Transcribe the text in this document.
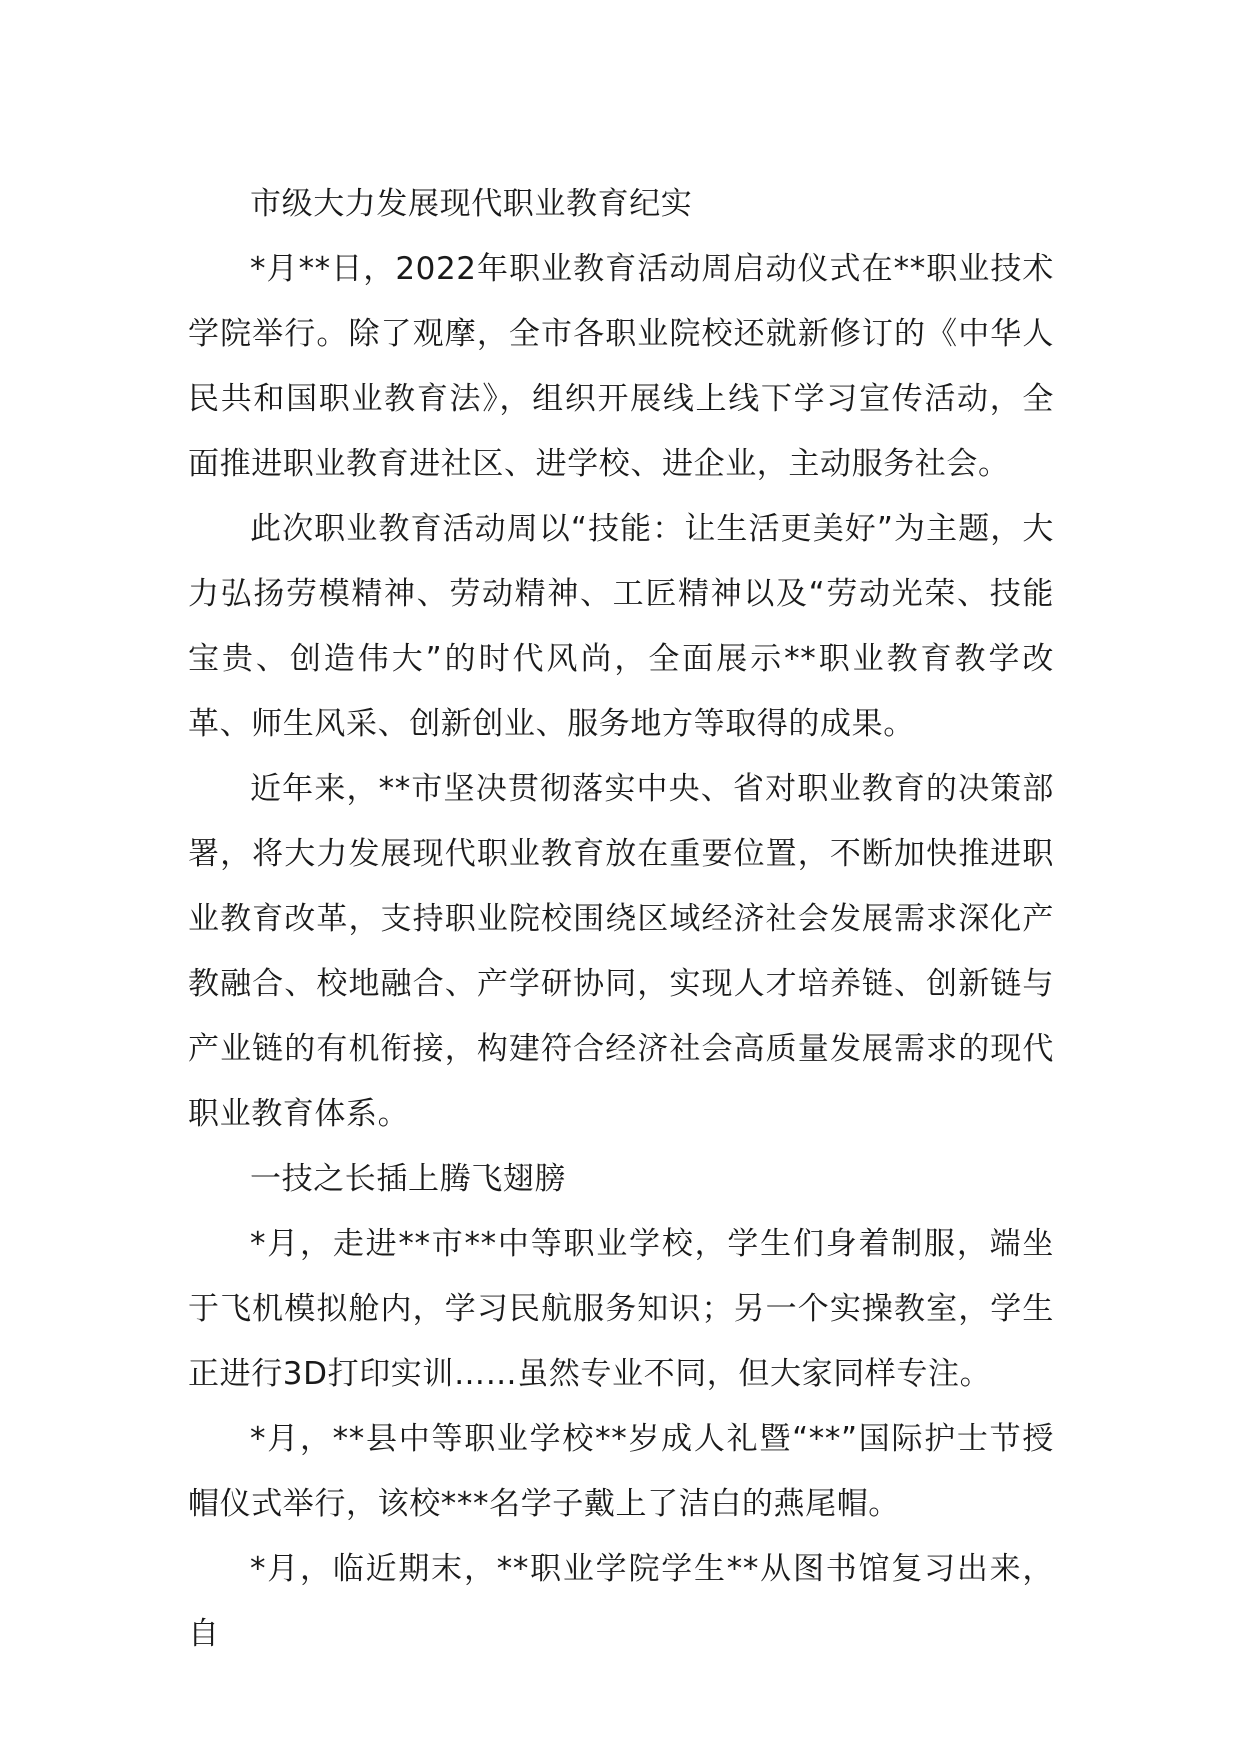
市级大力发展现代职业教育纪实

*月**日，2022年职业教育活动周启动仪式在**职业技术学院举行。除了观摩，全市各职业院校还就新修订的《中华人民共和国职业教育法》，组织开展线上线下学习宣传活动，全面推进职业教育进社区、进学校、进企业，主动服务社会。

此次职业教育活动周以“技能：让生活更美好”为主题，大力弘扬劳模精神、劳动精神、工匠精神以及“劳动光荣、技能宝贵、创造伟大”的时代风尚，全面展示**职业教育教学改革、师生风采、创新创业、服务地方等取得的成果。

近年来，**市坚决贯彻落实中央、省对职业教育的决策部署，将大力发展现代职业教育放在重要位置，不断加快推进职业教育改革，支持职业院校围绕区域经济社会发展需求深化产教融合、校地融合、产学研协同，实现人才培养链、创新链与产业链的有机衔接，构建符合经济社会高质量发展需求的现代职业教育体系。

一技之长插上腾飞翅膀

*月，走进**市**中等职业学校，学生们身着制服，端坐于飞机模拟舱内，学习民航服务知识；另一个实操教室，学生正进行3D打印实训……虽然专业不同，但大家同样专注。

*月，**县中等职业学校**岁成人礼暨“**”国际护士节授帽仪式举行，该校***名学子戴上了洁白的燕尾帽。

*月，临近期末，**职业学院学生**从图书馆复习出来，自
